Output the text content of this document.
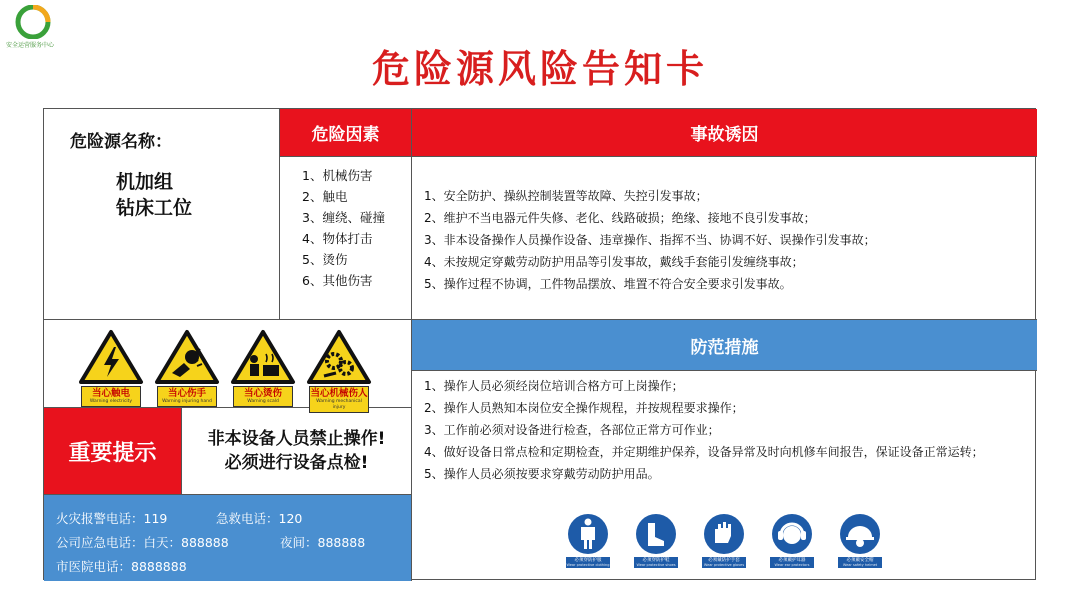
安全运营服务中心
危险源风险告知卡
危险源名称：
机加组
钻床工位
危险因素
1、机械伤害
2、触电
3、缠绕、碰撞
4、物体打击
5、烫伤
6、其他伤害
事故诱因
1、安全防护、操纵控制装置等故障、失控引发事故；
2、维护不当电器元件失修、老化、线路破损；绝缘、接地不良引发事故；
3、非本设备操作人员操作设备、违章操作、指挥不当、协调不好、误操作引发事故；
4、未按规定穿戴劳动防护用品等引发事故，戴线手套能引发缠绕事故；
5、操作过程不协调，工件物品摆放、堆置不符合安全要求引发事故。
当心触电
Warning electricity
当心伤手
Warning injuring hand
当心烫伤
Warning scald
当心机械伤人
Warning mechanical injury
重要提示
非本设备人员禁止操作!
必须进行设备点检!
火灾报警电话：119	急救电话：120
公司应急电话：白天：888888	夜间：888888
市医院电话：8888888
防范措施
1、操作人员必须经岗位培训合格方可上岗操作；
2、操作人员熟知本岗位安全操作规程，并按规程要求操作；
3、工作前必须对设备进行检查，各部位正常方可作业；
4、做好设备日常点检和定期检查，并定期维护保养，设备异常及时向机修车间报告，保证设备正常运转；
5、操作人员必须按要求穿戴劳动防护用品。
必须穿防护服
Wear protective clothing
必须穿防护鞋
Wear protective shoes
必须戴防护手套
Wear protective gloves
必须戴护耳器
Wear ear protectors
必须戴安全帽
Wear safety helmet
